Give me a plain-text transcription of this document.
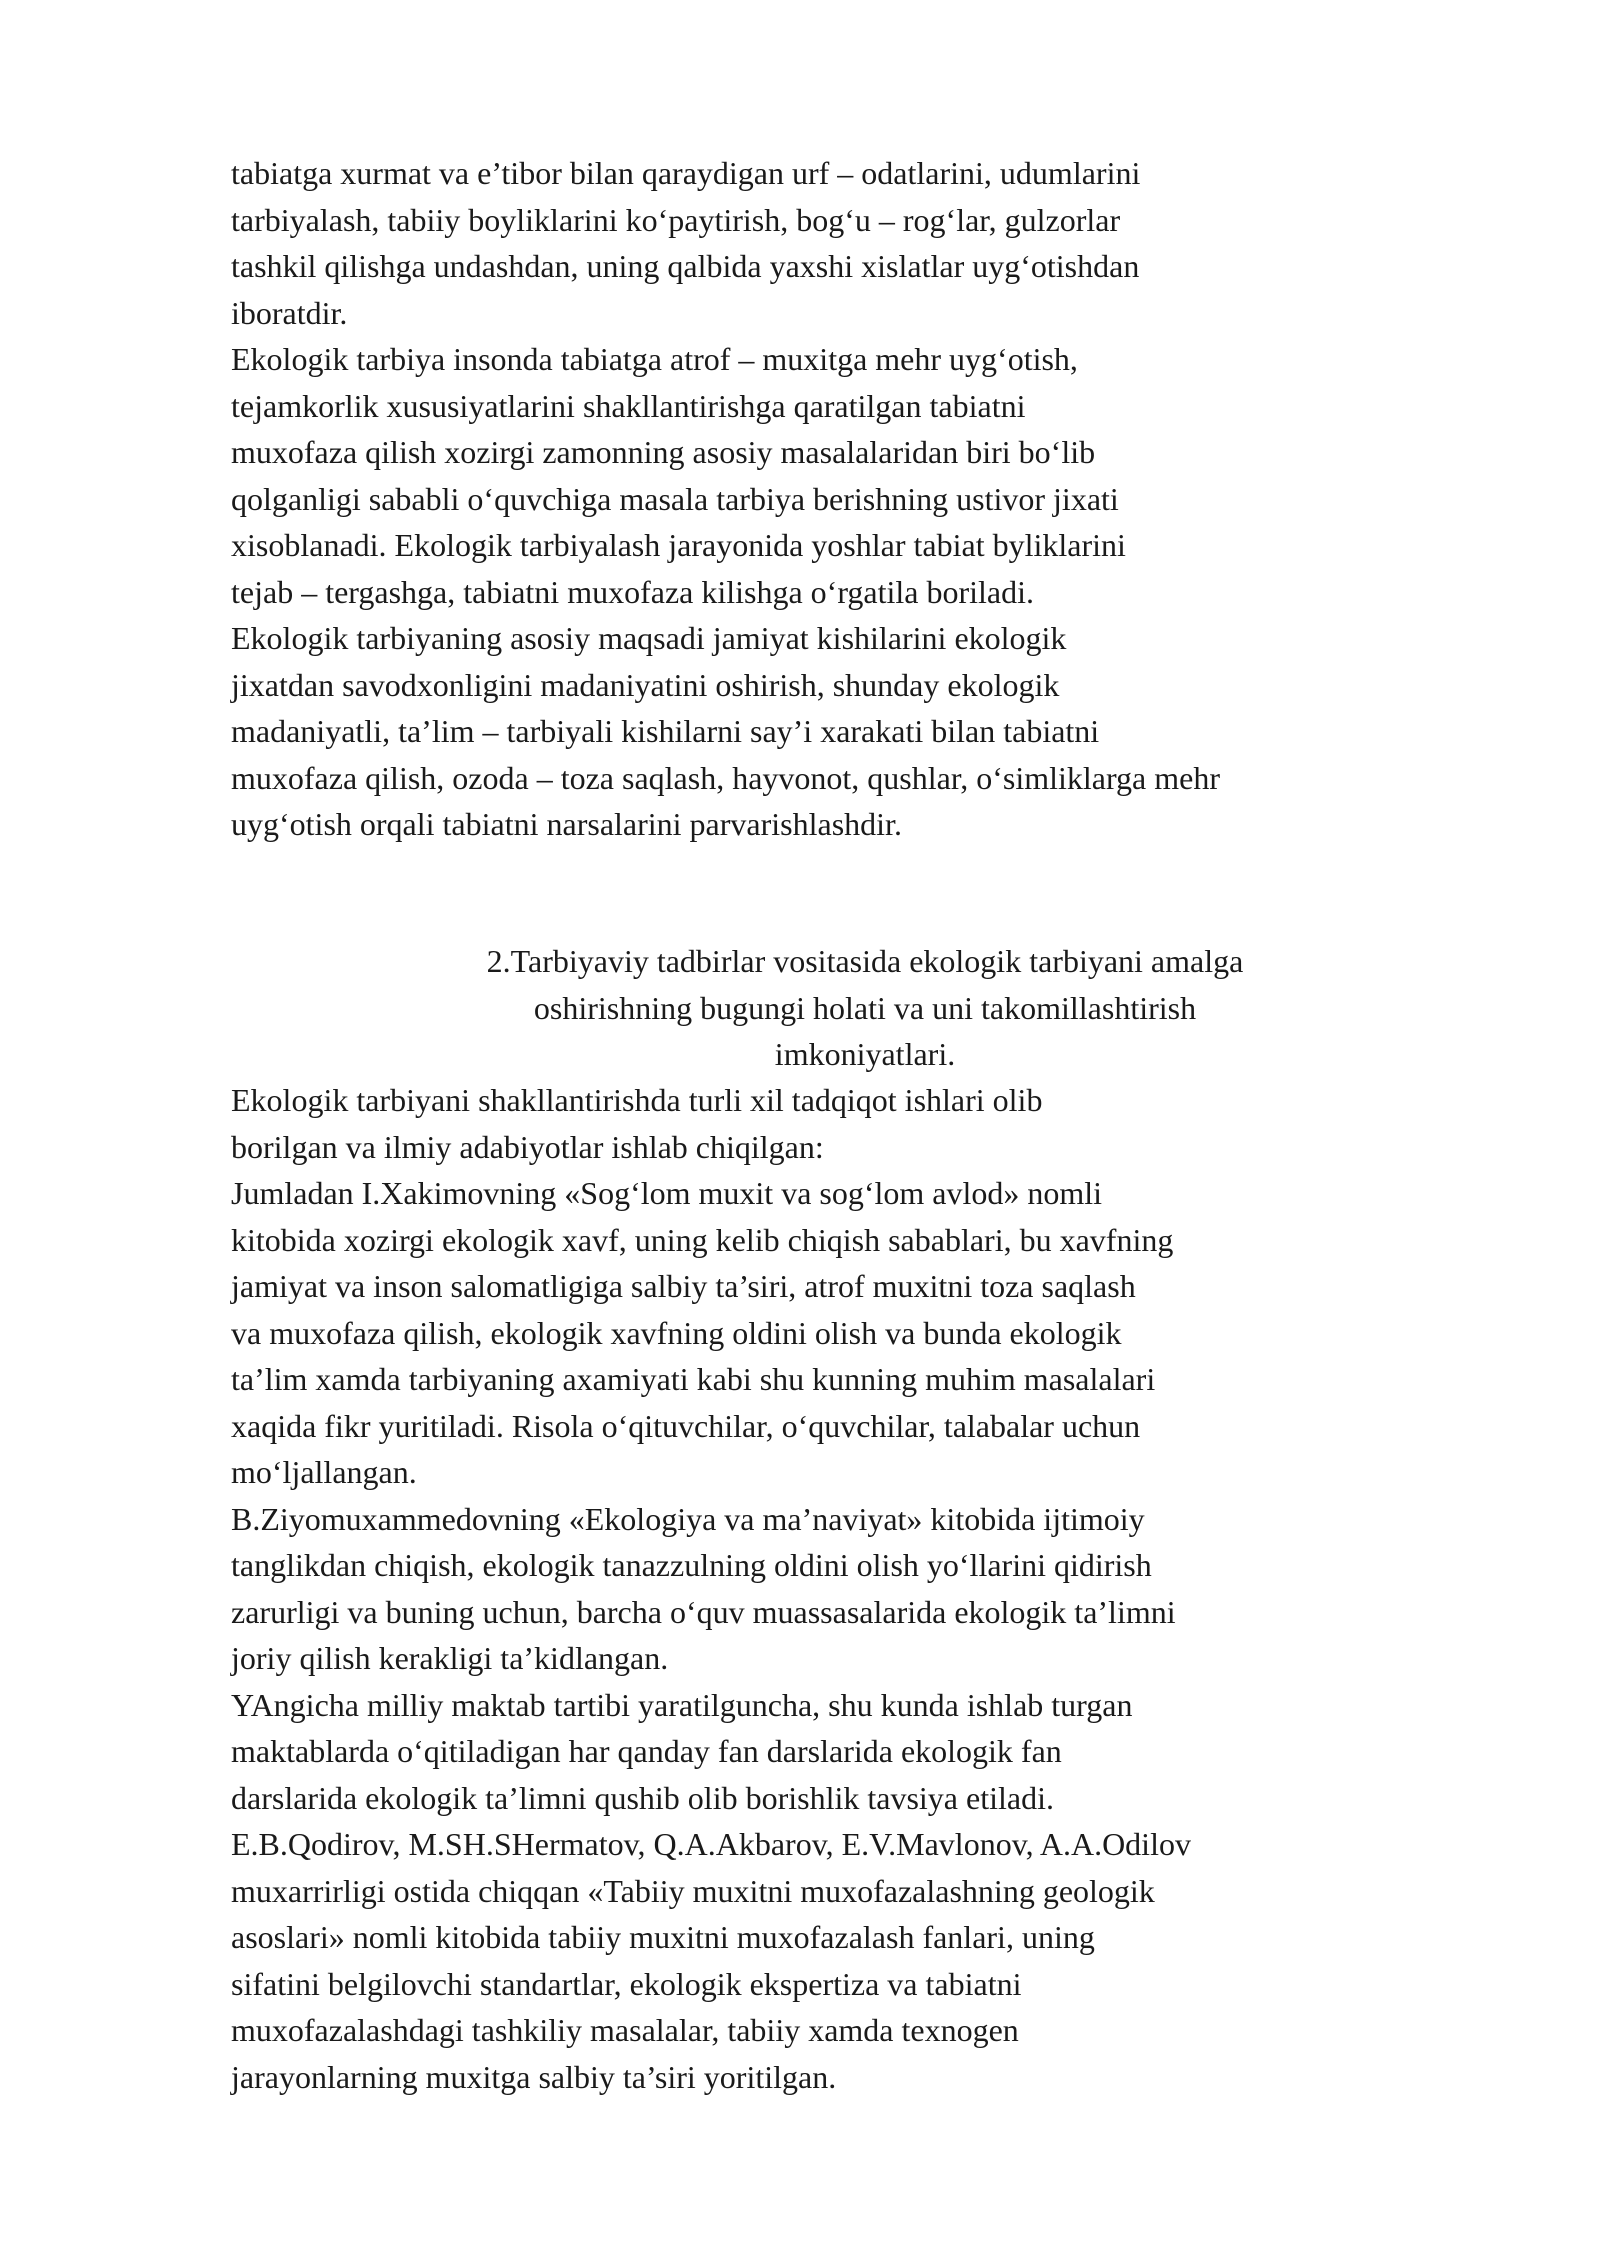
tabiatga xurmat va e’tibor bilan qaraydigan urf – odatlarini, udumlarini
tarbiyalash, tabiiy boyliklarini ko‘paytirish, bog‘u – rog‘lar, gulzorlar
tashkil qilishga undashdan, uning qalbida yaxshi xislatlar uyg‘otishdan
iboratdir.
Ekologik tarbiya insonda tabiatga atrof – muxitga mehr uyg‘otish,
tejamkorlik xususiyatlarini shakllantirishga qaratilgan tabiatni
muxofaza qilish xozirgi zamonning asosiy masalalaridan biri bo‘lib
qolganligi sababli o‘quvchiga masala tarbiya berishning ustivor jixati
xisoblanadi. Ekologik tarbiyalash jarayonida yoshlar tabiat byliklarini
tejab – tergashga, tabiatni muxofaza kilishga o‘rgatila boriladi.
Ekologik tarbiyaning asosiy maqsadi jamiyat kishilarini ekologik
jixatdan savodxonligini madaniyatini oshirish, shunday ekologik
madaniyatli, ta’lim – tarbiyali kishilarni say’i xarakati bilan tabiatni
muxofaza qilish, ozoda – toza saqlash, hayvonot, qushlar, o‘simliklarga mehr
uyg‘otish orqali tabiatni narsalarini parvarishlashdir.
2.Tarbiyaviy tadbirlar vositasida ekologik tarbiyani amalga
oshirishning bugungi holati va uni takomillashtirish
imkoniyatlari.
Ekologik tarbiyani shakllantirishda turli xil tadqiqot ishlari olib
borilgan va ilmiy adabiyotlar ishlab chiqilgan:
Jumladan I.Xakimovning «Sog‘lom muxit va sog‘lom avlod» nomli
kitobida xozirgi ekologik xavf, uning kelib chiqish sabablari, bu xavfning
jamiyat va inson salomatligiga salbiy ta’siri, atrof muxitni toza saqlash
va muxofaza qilish, ekologik xavfning oldini olish va bunda ekologik
ta’lim xamda tarbiyaning axamiyati kabi shu kunning muhim masalalari
xaqida fikr yuritiladi. Risola o‘qituvchilar, o‘quvchilar, talabalar uchun
mo‘ljallangan.
B.Ziyomuxammedovning «Ekologiya va ma’naviyat» kitobida ijtimoiy
tanglikdan chiqish, ekologik tanazzulning oldini olish yo‘llarini qidirish
zarurligi va buning uchun, barcha o‘quv muassasalarida ekologik ta’limni
joriy qilish kerakligi ta’kidlangan.
YAngicha milliy maktab tartibi yaratilguncha, shu kunda ishlab turgan
maktablarda o‘qitiladigan har qanday fan darslarida ekologik fan
darslarida ekologik ta’limni qushib olib borishlik tavsiya etiladi.
E.B.Qodirov, M.SH.SHermatov, Q.A.Akbarov, E.V.Mavlonov, A.A.Odilov
muxarrirligi ostida chiqqan «Tabiiy muxitni muxofazalashning geologik
asoslari» nomli kitobida tabiiy muxitni muxofazalash fanlari, uning
sifatini belgilovchi standartlar, ekologik ekspertiza va tabiatni
muxofazalashdagi tashkiliy masalalar, tabiiy xamda texnogen
jarayonlarning muxitga salbiy ta’siri yoritilgan.
